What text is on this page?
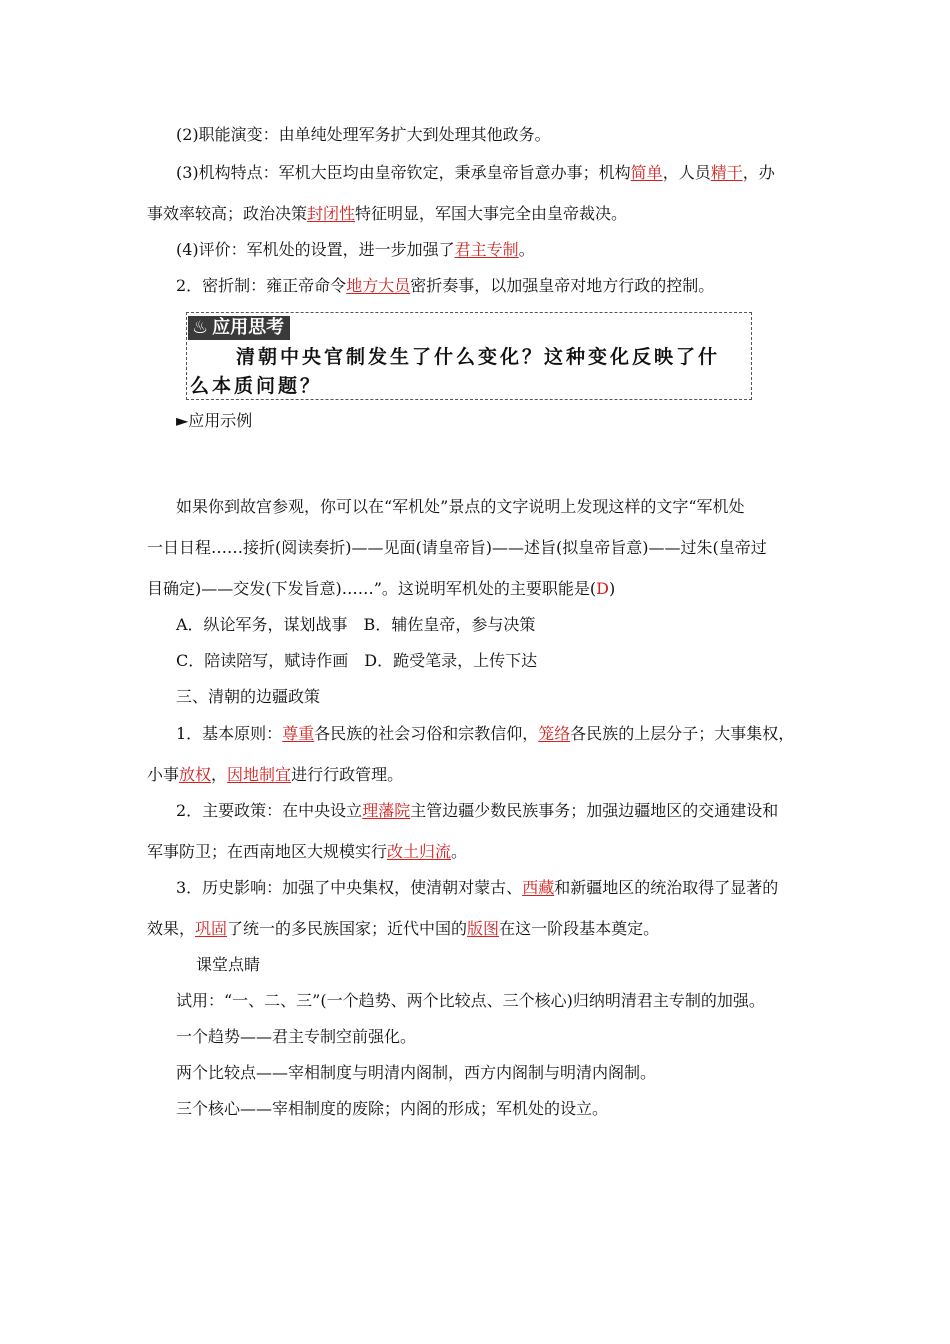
(2)职能演变：由单纯处理军务扩大到处理其他政务。
(3)机构特点：军机大臣均由皇帝钦定，秉承皇帝旨意办事；机构简单，人员精干，办
事效率较高；政治决策封闭性特征明显，军国大事完全由皇帝裁决。
(4)评价：军机处的设置，进一步加强了君主专制。
2．密折制：雍正帝命令地方大员密折奏事，以加强皇帝对地方行政的控制。
♨ 应用思考
清朝中央官制发生了什么变化？这种变化反映了什
么本质问题？
►应用示例
如果你到故宫参观，你可以在“军机处”景点的文字说明上发现这样的文字“军机处
一日日程……接折(阅读奏折)——见面(请皇帝旨)——述旨(拟皇帝旨意)——过朱(皇帝过
目确定)——交发(下发旨意)……”。这说明军机处的主要职能是(D)
A．纵论军务，谋划战事　B．辅佐皇帝，参与决策
C．陪读陪写，赋诗作画　D．跪受笔录，上传下达
三、清朝的边疆政策
1．基本原则：尊重各民族的社会习俗和宗教信仰，笼络各民族的上层分子；大事集权，
小事放权，因地制宜进行行政管理。
2．主要政策：在中央设立理藩院主管边疆少数民族事务；加强边疆地区的交通建设和
军事防卫；在西南地区大规模实行改土归流。
3．历史影响：加强了中央集权，使清朝对蒙古、西藏和新疆地区的统治取得了显著的
效果，巩固了统一的多民族国家；近代中国的版图在这一阶段基本奠定。
课堂点睛
试用：“一、二、三”(一个趋势、两个比较点、三个核心)归纳明清君主专制的加强。
一个趋势——君主专制空前强化。
两个比较点——宰相制度与明清内阁制，西方内阁制与明清内阁制。
三个核心——宰相制度的废除；内阁的形成；军机处的设立。
